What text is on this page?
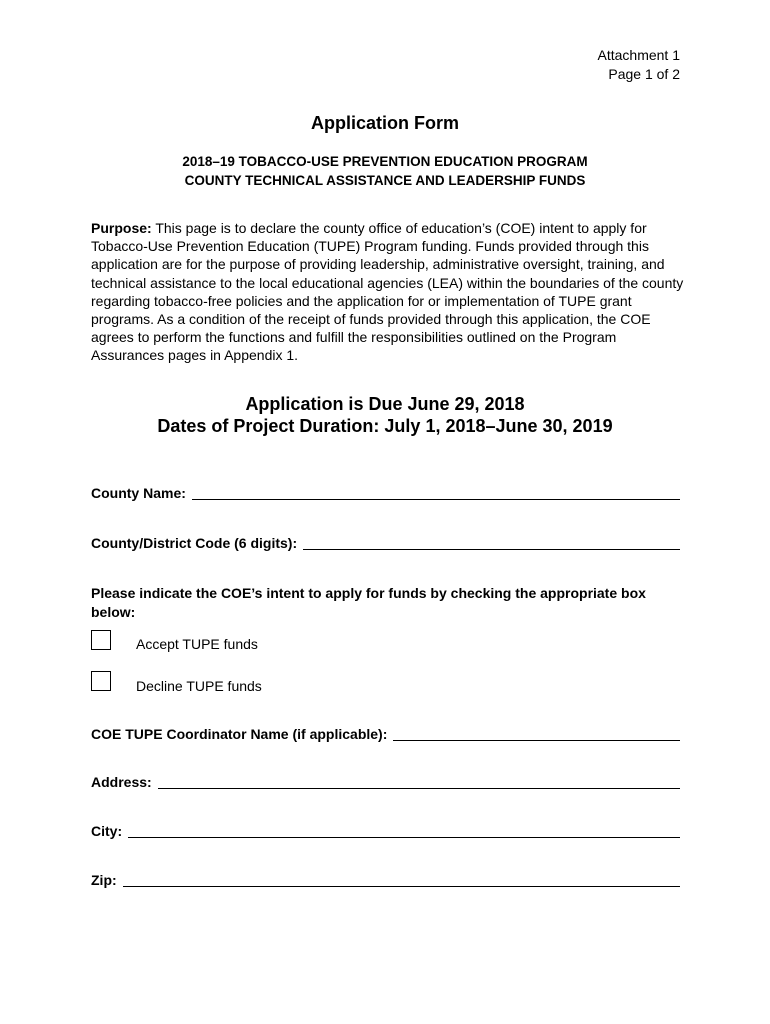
Attachment 1
Page 1 of 2
Application Form
2018–19 TOBACCO-USE PREVENTION EDUCATION PROGRAM
COUNTY TECHNICAL ASSISTANCE AND LEADERSHIP FUNDS
Purpose: This page is to declare the county office of education’s (COE) intent to apply for Tobacco-Use Prevention Education (TUPE) Program funding. Funds provided through this application are for the purpose of providing leadership, administrative oversight, training, and technical assistance to the local educational agencies (LEA) within the boundaries of the county regarding tobacco-free policies and the application for or implementation of TUPE grant programs. As a condition of the receipt of funds provided through this application, the COE agrees to perform the functions and fulfill the responsibilities outlined on the Program Assurances pages in Appendix 1.
Application is Due June 29, 2018
Dates of Project Duration: July 1, 2018–June 30, 2019
County Name:
County/District Code (6 digits):
Please indicate the COE’s intent to apply for funds by checking the appropriate box below:
Accept TUPE funds
Decline TUPE funds
COE TUPE Coordinator Name (if applicable):
Address:
City:
Zip:
